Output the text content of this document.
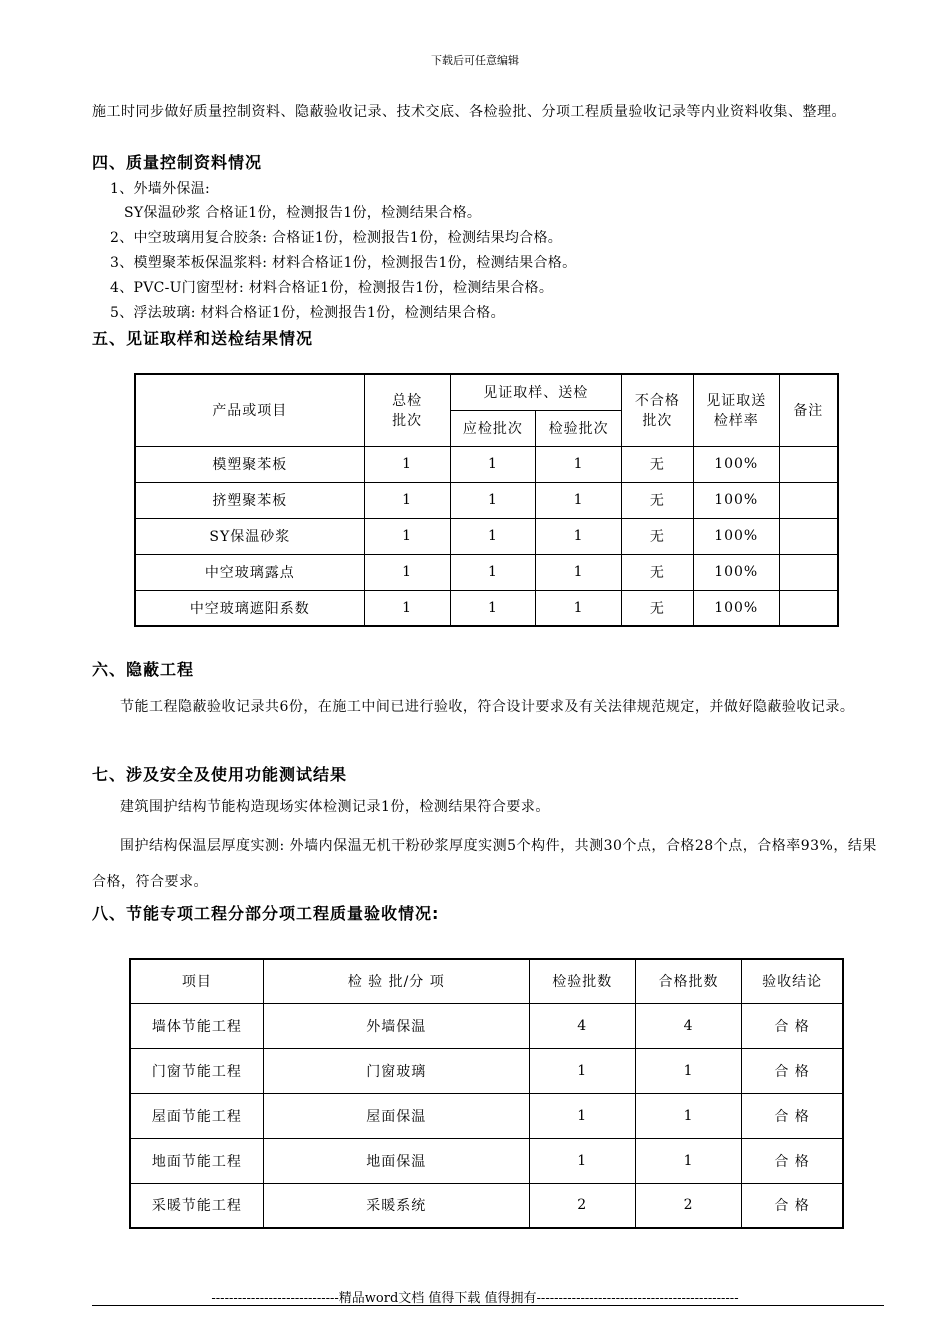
下载后可任意编辑
施工时同步做好质量控制资料、隐蔽验收记录、技术交底、各检验批、分项工程质量验收记录等内业资料收集、整理。
四、质量控制资料情况
1、外墙外保温:
SY保温砂浆 合格证1份，检测报告1份，检测结果合格。
2、中空玻璃用复合胶条: 合格证1份，检测报告1份，检测结果均合格。
3、模塑聚苯板保温浆料: 材料合格证1份，检测报告1份，检测结果合格。
4、PVC-U门窗型材: 材料合格证1份，检测报告1份，检测结果合格。
5、浮法玻璃: 材料合格证1份，检测报告1份，检测结果合格。
五、见证取样和送检结果情况
产品或项目	总检批次	见证取样、送检		不合格批次	见证取送检样率	备注
		应检批次	检验批次			
模塑聚苯板	1	1	1	无	100%	
挤塑聚苯板	1	1	1	无	100%	
SY保温砂浆	1	1	1	无	100%	
中空玻璃露点	1	1	1	无	100%	
中空玻璃遮阳系数	1	1	1	无	100%	
六、隐蔽工程
节能工程隐蔽验收记录共6份，在施工中间已进行验收，符合设计要求及有关法律规范规定，并做好隐蔽验收记录。
七、涉及安全及使用功能测试结果
建筑围护结构节能构造现场实体检测记录1份，检测结果符合要求。
围护结构保温层厚度实测: 外墙内保温无机干粉砂浆厚度实测5个构件，共测30个点，合格28个点，合格率93%，结果合格，符合要求。
八、节能专项工程分部分项工程质量验收情况:
项目	检 验 批/分 项	检验批数	合格批数	验收结论
墙体节能工程	外墙保温	4	4	合 格
门窗节能工程	门窗玻璃	1	1	合 格
屋面节能工程	屋面保温	1	1	合 格
地面节能工程	地面保温	1	1	合 格
采暖节能工程	采暖系统	2	2	合 格
-----------------------------精品word文档 值得下载 值得拥有----------------------------------------------
